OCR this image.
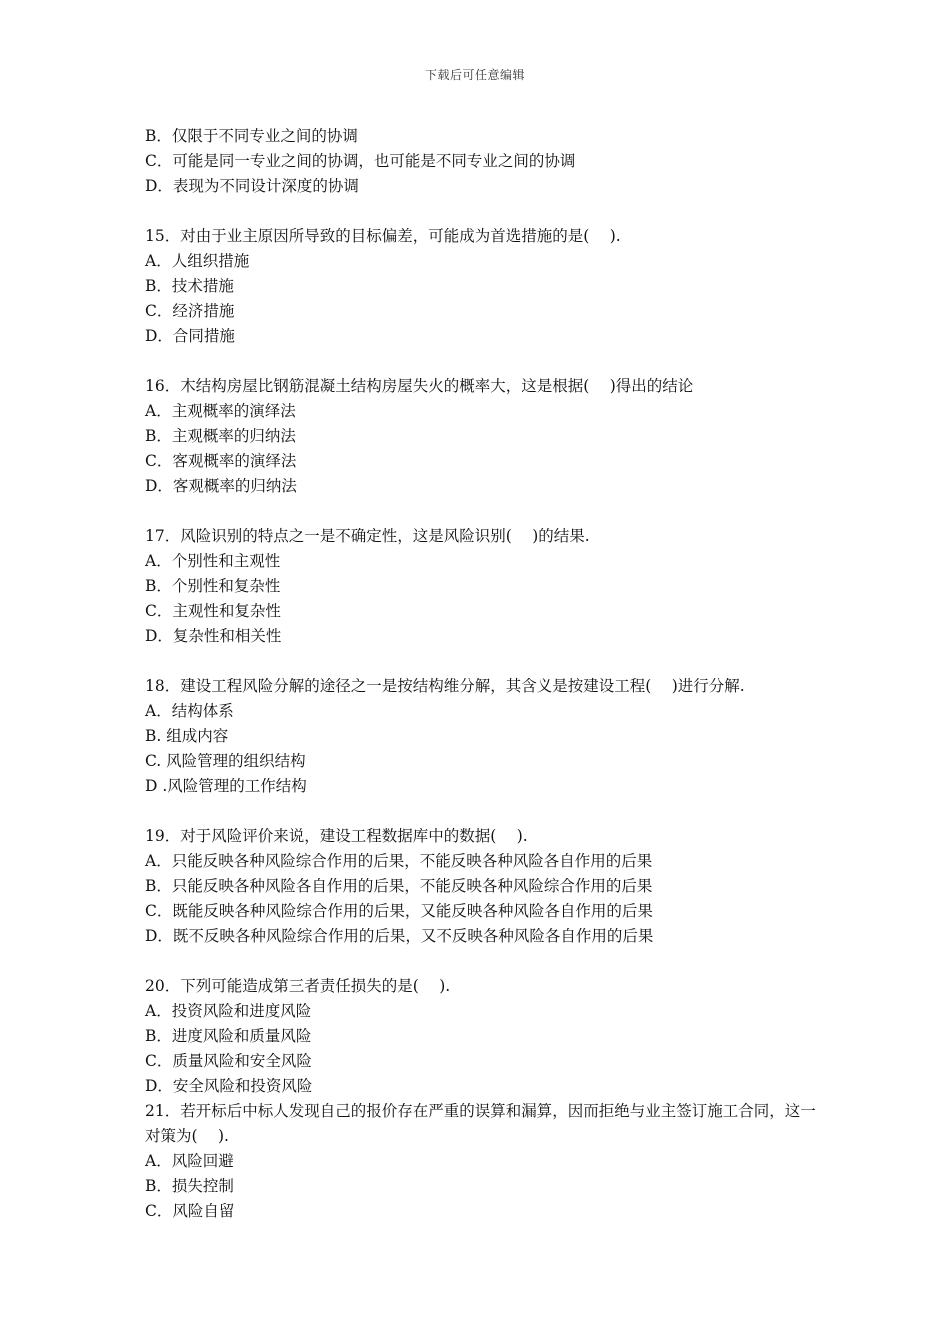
下载后可任意编辑
B．仅限于不同专业之间的协调
C．可能是同一专业之间的协调，也可能是不同专业之间的协调
D．表现为不同设计深度的协调
15．对由于业主原因所导致的目标偏差，可能成为首选措施的是(　 ).
A．人组织措施
B．技术措施
C．经济措施
D．合同措施
16．木结构房屋比钢筋混凝土结构房屋失火的概率大，这是根据(　 )得出的结论
A．主观概率的演绎法
B．主观概率的归纳法
C．客观概率的演绎法
D．客观概率的归纳法
17．风险识别的特点之一是不确定性，这是风险识别(　 )的结果.
A．个别性和主观性
B．个别性和复杂性
C．主观性和复杂性
D．复杂性和相关性
18．建设工程风险分解的途径之一是按结构维分解，其含义是按建设工程(　 )进行分解.
A．结构体系
B. 组成内容
C. 风险管理的组织结构
D .风险管理的工作结构
19．对于风险评价来说，建设工程数据库中的数据(　 ).
A．只能反映各种风险综合作用的后果，不能反映各种风险各自作用的后果
B．只能反映各种风险各自作用的后果，不能反映各种风险综合作用的后果
C．既能反映各种风险综合作用的后果，又能反映各种风险各自作用的后果
D．既不反映各种风险综合作用的后果，又不反映各种风险各自作用的后果
20．下列可能造成第三者责任损失的是(　 ).
A．投资风险和进度风险
B．进度风险和质量风险
C．质量风险和安全风险
D．安全风险和投资风险
21．若开标后中标人发现自己的报价存在严重的误算和漏算，因而拒绝与业主签订施工合同，这一对策为(　 ).
A．风险回避
B．损失控制
C．风险自留
